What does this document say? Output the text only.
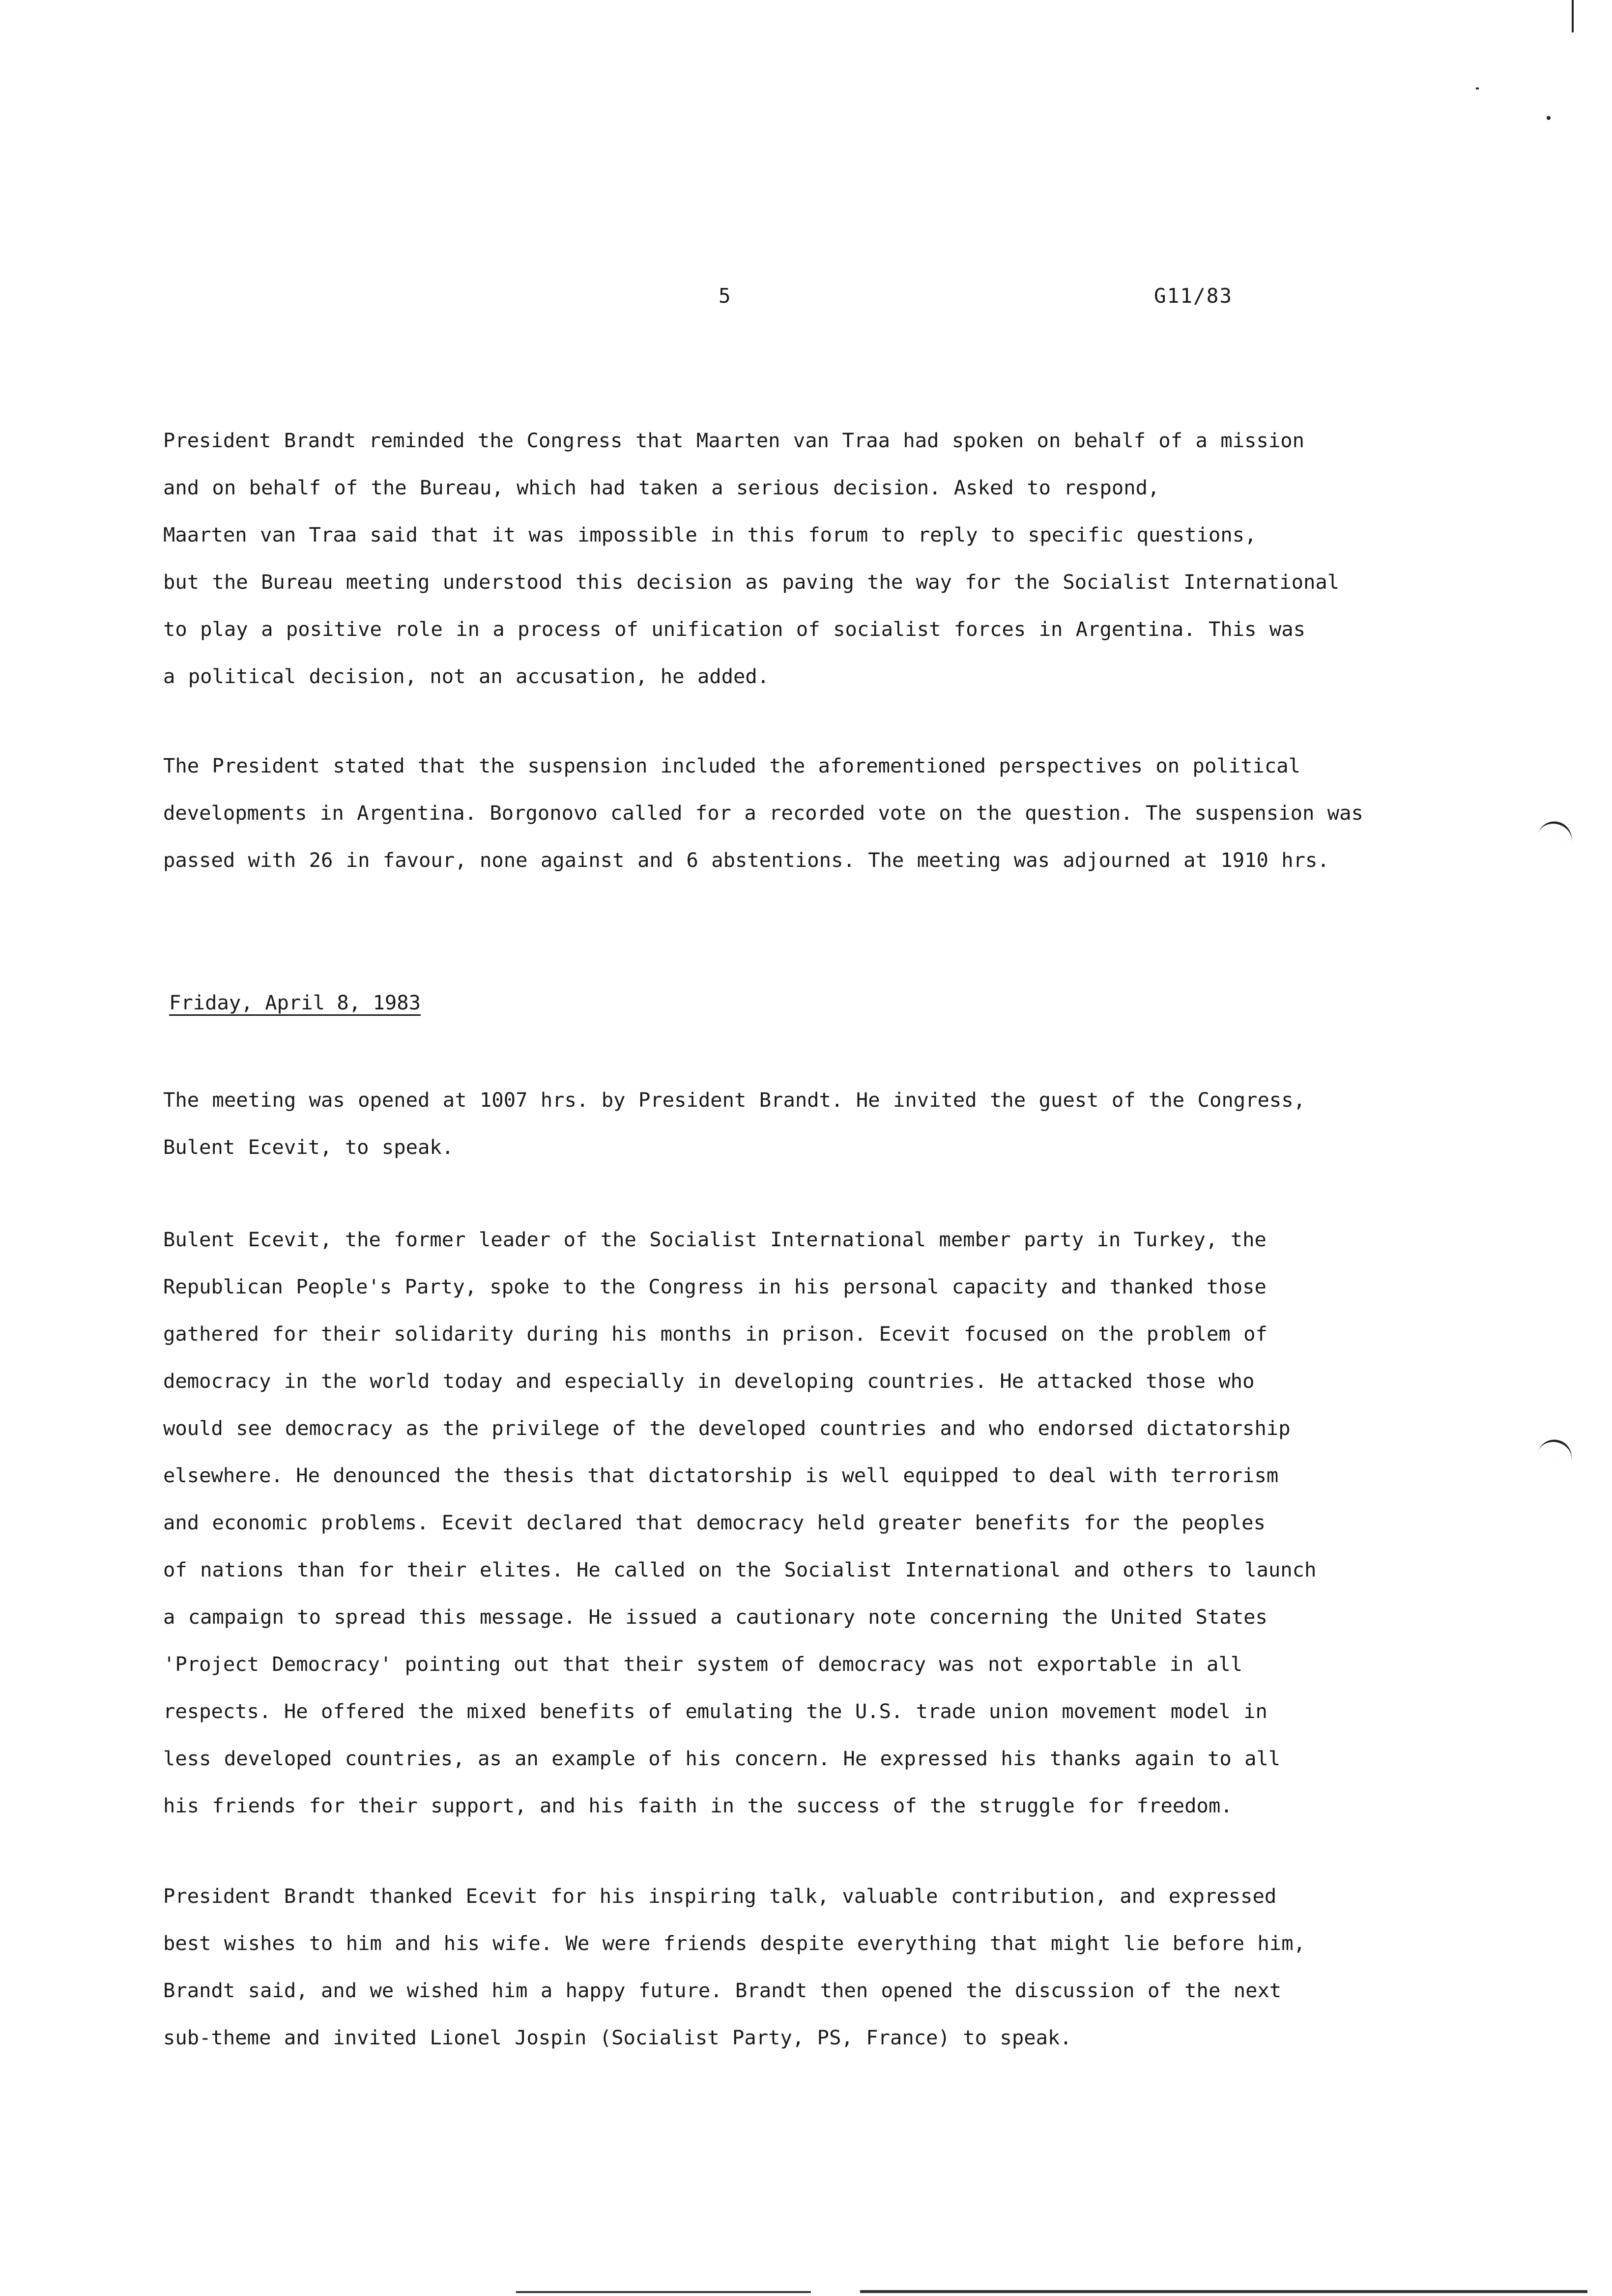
5	G11/83

President Brandt reminded the Congress that Maarten van Traa had spoken on behalf of a mission
and on behalf of the Bureau, which had taken a serious decision. Asked to respond,
Maarten van Traa said that it was impossible in this forum to reply to specific questions,
but the Bureau meeting understood this decision as paving the way for the Socialist International
to play a positive role in a process of unification of socialist forces in Argentina. This was
a political decision, not an accusation, he added.

The President stated that the suspension included the aforementioned perspectives on political
developments in Argentina. Borgonovo called for a recorded vote on the question. The suspension was
passed with 26 in favour, none against and 6 abstentions. The meeting was adjourned at 1910 hrs.

Friday, April 8, 1983

The meeting was opened at 1007 hrs. by President Brandt. He invited the guest of the Congress,
Bulent Ecevit, to speak.

Bulent Ecevit, the former leader of the Socialist International member party in Turkey, the
Republican People's Party, spoke to the Congress in his personal capacity and thanked those
gathered for their solidarity during his months in prison. Ecevit focused on the problem of
democracy in the world today and especially in developing countries. He attacked those who
would see democracy as the privilege of the developed countries and who endorsed dictatorship
elsewhere. He denounced the thesis that dictatorship is well equipped to deal with terrorism
and economic problems. Ecevit declared that democracy held greater benefits for the peoples
of nations than for their elites. He called on the Socialist International and others to launch
a campaign to spread this message. He issued a cautionary note concerning the United States
'Project Democracy' pointing out that their system of democracy was not exportable in all
respects. He offered the mixed benefits of emulating the U.S. trade union movement model in
less developed countries, as an example of his concern. He expressed his thanks again to all
his friends for their support, and his faith in the success of the struggle for freedom.

President Brandt thanked Ecevit for his inspiring talk, valuable contribution, and expressed
best wishes to him and his wife. We were friends despite everything that might lie before him,
Brandt said, and we wished him a happy future. Brandt then opened the discussion of the next
sub-theme and invited Lionel Jospin (Socialist Party, PS, France) to speak.
